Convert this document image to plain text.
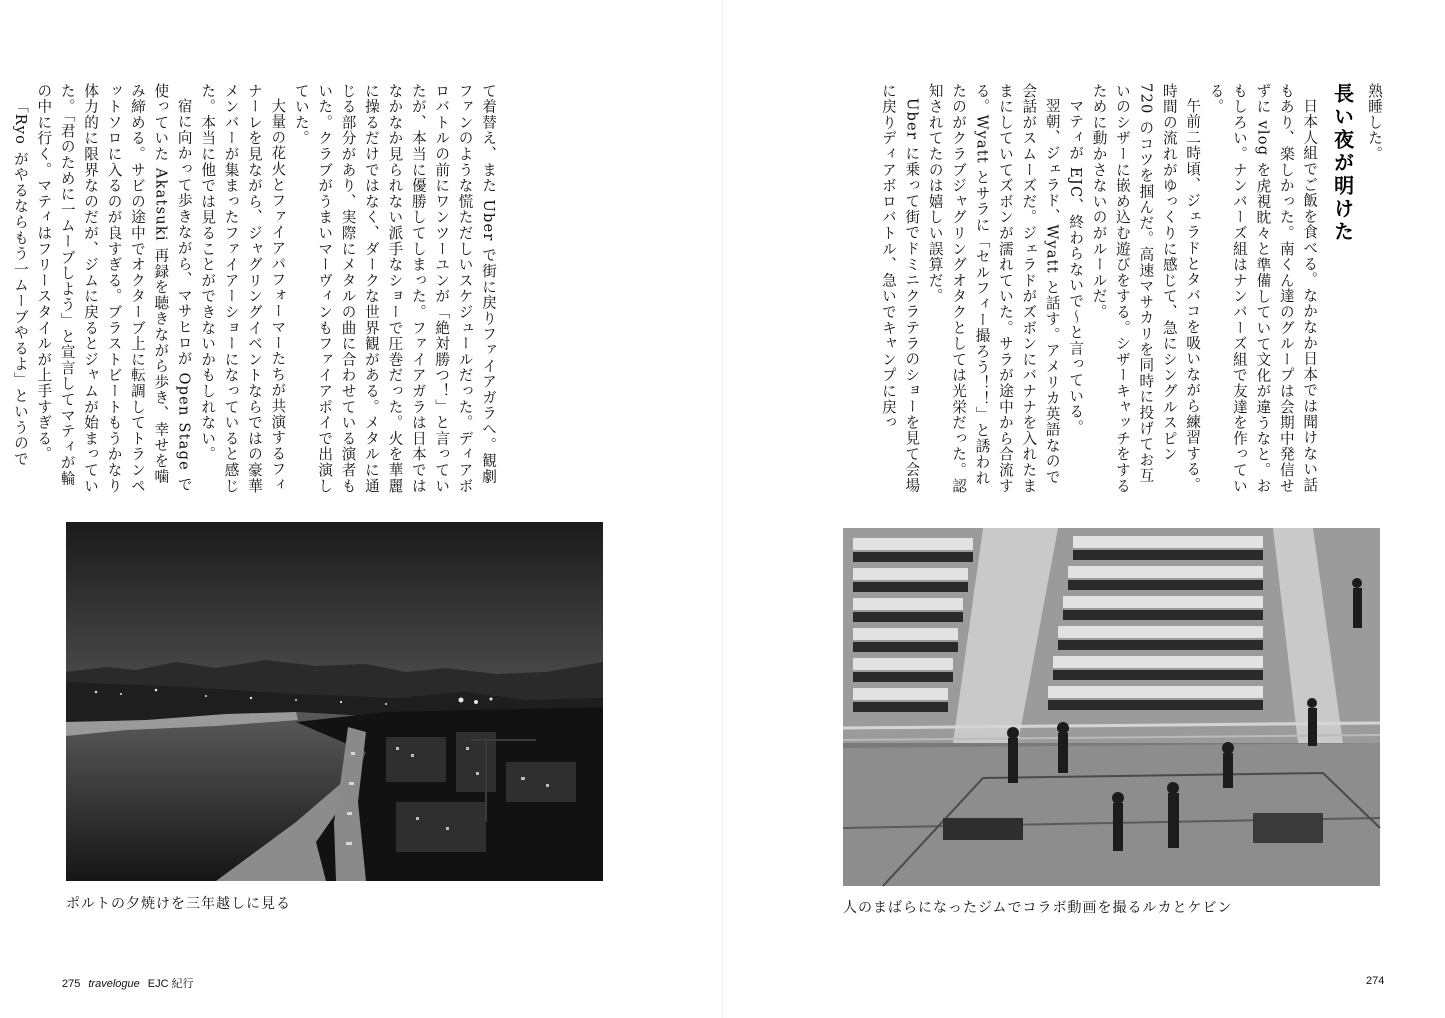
て着替え、また Uber で街に戻りファイアガラへ。観劇ファンのような慌ただしいスケジュールだった。ディアボロバトルの前にワンツーユンが「絶対勝つ！」と言っていたが、本当に優勝してしまった。ファイアガラは日本ではなかなか見られない派手なショーで圧巻だった。火を華麗に操るだけではなく、ダークな世界観がある。メタルに通じる部分があり、実際にメタルの曲に合わせている演者もいた。クラブがうまいマーヴィンもファイアポイで出演していた。

大量の花火とファイアパフォーマーたちが共演するフィナーレを見ながら、ジャグリングイベントならではの豪華メンバーが集まったファイアーショーになっていると感じた。本当に他では見ることができないかもしれない。

宿に向かって歩きながら、マサヒロが Open Stage で使っていた Akatsuki 再録を聴きながら歩き、幸せを噛み締める。サビの途中でオクターブ上に転調してトランペットソロに入るのが良すぎる。ブラストビートもうかなり体力的に限界なのだが、ジムに戻るとジャムが始まっていた。「君のために一ムーブしよう」と宣言してマティが輪の中に行く。マティはフリースタイルが上手すぎる。

「Ryo がやるならもう一ムーブやるよ」というので

ポルトの夕焼けを三年越しに見る
275 travelogue EJC 紀行

熟睡した。

長い夜が明けた

日本人組でご飯を食べる。なかなか日本では聞けない話もあり、楽しかった。南くん達のグループは会期中発信せずに vlog を虎視眈々と準備していて文化が違うなと。おもしろい。ナンバーズ組はナンバーズ組で友達を作っている。

午前二時頃、ジェラドとタバコを吸いながら練習する。時間の流れがゆっくりに感じて、急にシングルスピン 720 のコツを掴んだ。高速マサカリを同時に投げてお互いのシザーに嵌め込む遊びをする。シザーキャッチをするために動かさないのがルールだ。

マティが EJC、終わらないで〜と言っている。

翌朝、ジェラド、Wyatt と話す。アメリカ英語なので会話がスムーズだ。ジェラドがズボンにバナナを入れたままにしていてズボンが濡れていた。サラが途中から合流する。Wyatt とサラに「セルフィー撮ろう！！」と誘われたのがクラブジャグリングオタクとしては光栄だった。認知されてたのは嬉しい誤算だ。

Uber に乗って街でドミニクラテラのショーを見て会場に戻りディアボロバトル、急いでキャンプに戻っ

人のまばらになったジムでコラボ動画を撮るルカとケビン
274
